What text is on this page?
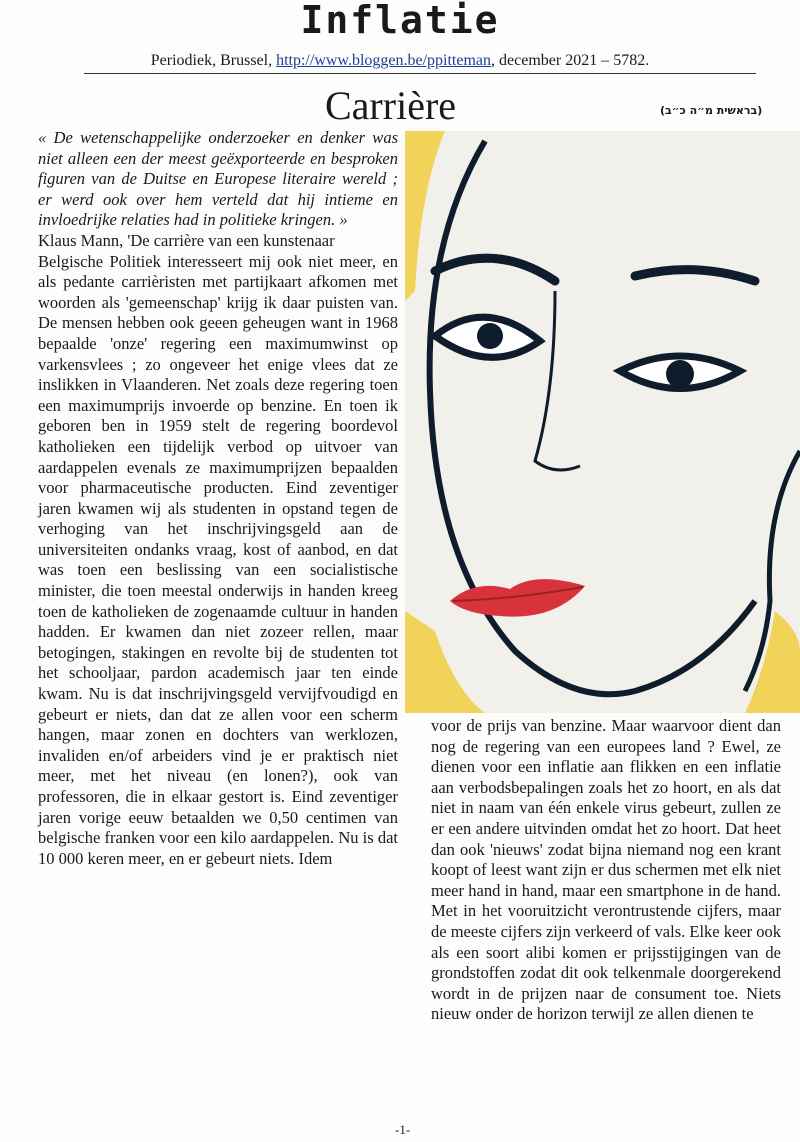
Inflatie
Periodiek, Brussel, http://www.bloggen.be/ppitteman, december 2021 – 5782.
Carrière	(בראשית מ״ה כ״ב)
« De wetenschappelijke onderzoeker en denker was niet alleen een der meest geëxporteerde en besproken figuren van de Duitse en Europese literaire wereld ; er werd ook over hem verteld dat hij intieme en invloedrijke relaties had in politieke kringen. »
Klaus Mann, 'De carrière van een kunstenaar
Belgische Politiek interesseert mij ook niet meer, en als pedante carrièristen met partijkaart afkomen met woorden als 'gemeenschap' krijg ik daar puisten van. De mensen hebben ook geeen geheugen want in 1968 bepaalde 'onze' regering een maximumwinst op varkensvlees ; zo ongeveer het enige vlees dat ze inslikken in Vlaanderen. Net zoals deze regering toen een maximumprijs invoerde op benzine. En toen ik geboren ben in 1959 stelt de regering boordevol katholieken een tijdelijk verbod op uitvoer van aardappelen evenals ze maximumprijzen bepaalden voor pharmaceutische producten. Eind zeventiger jaren kwamen wij als studenten in opstand tegen de verhoging van het inschrijvingsgeld aan de universiteiten ondanks vraag, kost of aanbod, en dat was toen een beslissing van een socialistische minister, die toen meestal onderwijs in handen kreeg toen de katholieken de zogenaamde cultuur in handen hadden. Er kwamen dan niet zozeer rellen, maar betogingen, stakingen en revolte bij de studenten tot het schooljaar, pardon academisch jaar ten einde kwam. Nu is dat inschrijvingsgeld vervijfvoudigd en gebeurt er niets, dan dat ze allen voor een scherm hangen, maar zonen en dochters van werklozen, invaliden en/of arbeiders vind je er praktisch niet meer, met het niveau (en lonen?), ook van professoren, die in elkaar gestort is. Eind zeventiger jaren vorige eeuw betaalden we 0,50 centimen van belgische franken voor een kilo aardappelen. Nu is dat 10 000 keren meer, en er gebeurt niets. Idem
voor de prijs van benzine. Maar waarvoor dient dan nog de regering van een europees land ? Ewel, ze dienen voor een inflatie aan flikken en een inflatie aan verbodsbepalingen zoals het zo hoort, en als dat niet in naam van één enkele virus gebeurt, zullen ze er een andere uitvinden omdat het zo hoort. Dat heet dan ook 'nieuws' zodat bijna niemand nog een krant koopt of leest want zijn er dus schermen met elk niet meer hand in hand, maar een smartphone in de hand. Met in het vooruitzicht verontrustende cijfers, maar de meeste cijfers zijn verkeerd of vals. Elke keer ook als een soort alibi komen er prijsstijgingen van de grondstoffen zodat dit ook telkenmale doorgerekend wordt in de prijzen naar de consument toe. Niets nieuw onder de horizon terwijl ze allen dienen te
-1-
